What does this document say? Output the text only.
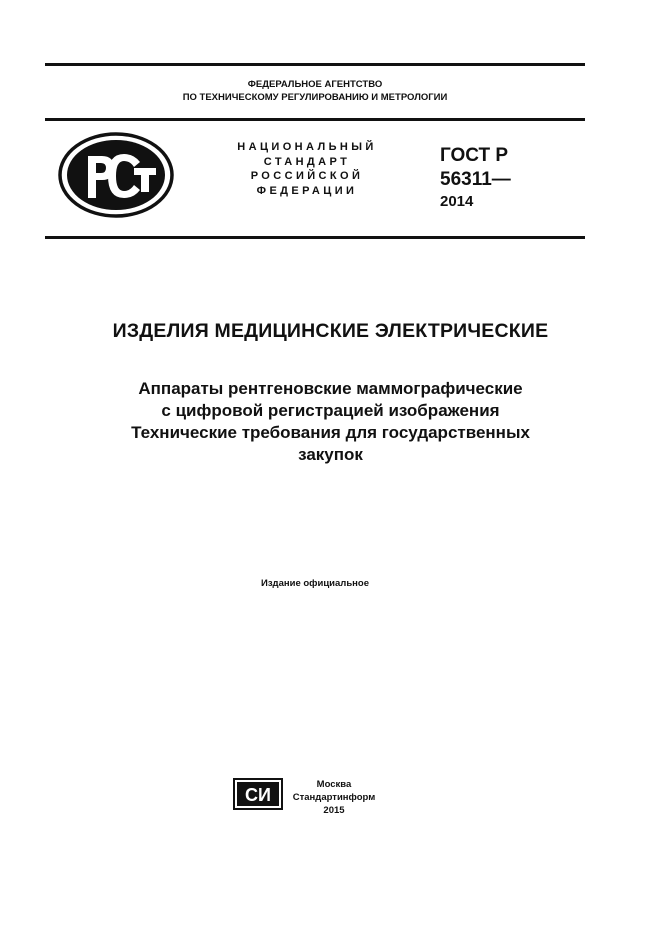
ФЕДЕРАЛЬНОЕ АГЕНТСТВО
ПО ТЕХНИЧЕСКОМУ РЕГУЛИРОВАНИЮ И МЕТРОЛОГИИ
PCT
НАЦИОНАЛЬНЫЙ
СТАНДАРТ
РОССИЙСКОЙ
ФЕДЕРАЦИИ
ГОСТ Р
56311—
2014
ИЗДЕЛИЯ МЕДИЦИНСКИЕ ЭЛЕКТРИЧЕСКИЕ
Аппараты рентгеновские маммографические
с цифровой регистрацией изображения
Технические требования для государственных
закупок
Издание официальное
СИ
Москва
Стандартинформ
2015
